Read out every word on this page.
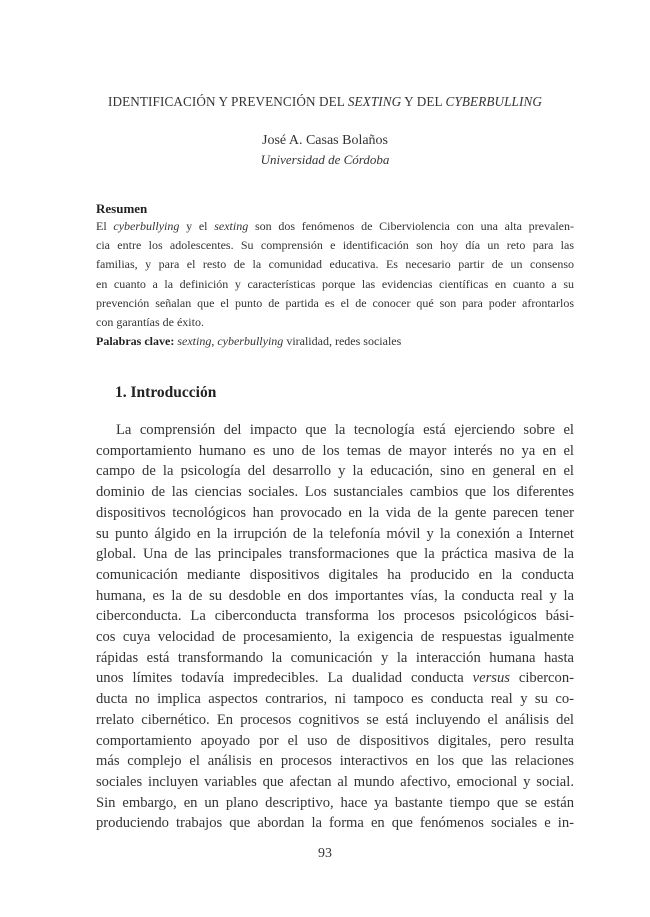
IDENTIFICACIÓN Y PREVENCIÓN DEL SEXTING Y DEL CYBERBULLING
José A. Casas Bolaños
Universidad de Córdoba
Resumen
El cyberbullying y el sexting son dos fenómenos de Ciberviolencia con una alta prevalen-
cia entre los adolescentes. Su comprensión e identificación son hoy día un reto para las
familias, y para el resto de la comunidad educativa. Es necesario partir de un consenso
en cuanto a la definición y características porque las evidencias científicas en cuanto a su
prevención señalan que el punto de partida es el de conocer qué son para poder afrontarlos
con garantías de éxito.
Palabras clave: sexting, cyberbullying viralidad, redes sociales
1. Introducción
La comprensión del impacto que la tecnología está ejerciendo sobre el
comportamiento humano es uno de los temas de mayor interés no ya en el
campo de la psicología del desarrollo y la educación, sino en general en el
dominio de las ciencias sociales. Los sustanciales cambios que los diferentes
dispositivos tecnológicos han provocado en la vida de la gente parecen tener
su punto álgido en la irrupción de la telefonía móvil y la conexión a Internet
global. Una de las principales transformaciones que la práctica masiva de la
comunicación mediante dispositivos digitales ha producido en la conducta
humana, es la de su desdoble en dos importantes vías, la conducta real y la
ciberconducta. La ciberconducta transforma los procesos psicológicos bási-
cos cuya velocidad de procesamiento, la exigencia de respuestas igualmente
rápidas está transformando la comunicación y la interacción humana hasta
unos límites todavía impredecibles. La dualidad conducta versus cibercon-
ducta no implica aspectos contrarios, ni tampoco es conducta real y su co-
rrelato cibernético. En procesos cognitivos se está incluyendo el análisis del
comportamiento apoyado por el uso de dispositivos digitales, pero resulta
más complejo el análisis en procesos interactivos en los que las relaciones
sociales incluyen variables que afectan al mundo afectivo, emocional y social.
Sin embargo, en un plano descriptivo, hace ya bastante tiempo que se están
produciendo trabajos que abordan la forma en que fenómenos sociales e in-
93
